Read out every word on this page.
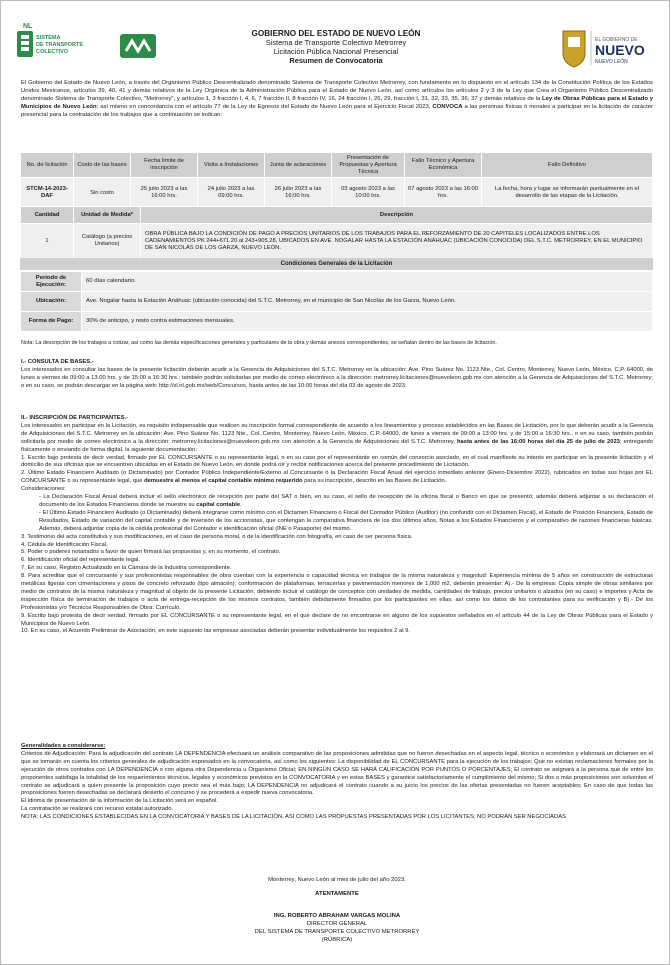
NL
SISTEMA
DE TRANSPORTE
COLECTIVO
GOBIERNO DEL ESTADO DE NUEVO LEÓN
Sistema de Transporte Colectivo Metrorrey
Licitación Pública Nacional Presencial
Resumen de Convocatoria
EL GOBIERNO DE
NUEVO
NUEVO LEÓN
El Gobierno del Estado de Nuevo León, a través del Organismo Público Descentralizado denominado Sistema de Transporte Colectivo Metrorrey, con fundamento en lo dispuesto en el artículo 134 de la Constitución Política de los Estados Unidos Mexicanos, artículos 39, 40, 41 y demás relativos de la Ley Orgánica de la Administración Pública para el Estado de Nuevo León, así como artículos los artículos 2 y 3 de la Ley que Crea el Organismo Público Descentralizado denominado Sistema de Transporte Colectivo, "Metrorrey", y artículos 1, 3 fracción I, 4, 6, 7 fracción II, 8 fracción IV, 16, 24 fracción I, 26, 29, fracción I, 31, 32, 33, 35, 36, 37 y demás relativos de la Ley de Obras Públicas para el Estado y Municipios de Nuevo León; así mismo en concordancia con el artículo 77 de la Ley de Egresos del Estado de Nuevo León para el Ejercicio Fiscal 2023, CONVOCA a las personas físicas ó morales a participar en la licitación de carácter presencial para la contratación de los trabajos que a continuación se indican:
No. de licitación	Costo de las bases	Fecha límite de inscripción	Visita a Instalaciones	Junta de aclaraciones	Presentación de Propuestas y Apertura Técnica	Fallo Técnico y Apertura Económica	Fallo Definitivo
STCM-14-2023-DAF	Sin costo	25 julio 2023 a las 16:00 hrs.	24 julio 2023 a las 09:00 hrs.	26 julio 2023 a las 16:00 hrs.	03 agosto 2023 a las 10:00 hrs.	07 agosto 2023 a las 16:00 hrs.	La fecha, hora y lugar se informarán puntualmente en el desarrollo de las etapas de la Licitación.
Cantidad	Unidad de Medida*	Descripción
1	Catálogo (a precios Unitarios)	OBRA PÚBLICA BAJO LA CONDICIÓN DE PAGO A PRECIOS UNITARIOS DE LOS TRABAJOS PARA EL REFORZAMIENTO DE 20 CAPITELES LOCALIZADOS ENTRE LOS CADENAMIENTOS PK 244+671.20 al 243+905.28, UBICADOS EN AVE. NOGALAR HASTA LA ESTACIÓN ANÁHUAC (UBICACIÓN CONOCIDA) DEL S.T.C. METRORREY, EN EL MUNICIPIO DE SAN NICOLÁS DE LOS GARZA, NUEVO LEÓN.
Condiciones Generales de la Licitación
Período de Ejecución:	60 días calendario.
Ubicación:	Ave. Nogalar hasta la Estación Anáhuac (ubicación conocida) del S.T.C. Metrorrey, en el municipio de San Nicolás de los Garza, Nuevo León.
Forma de Pago:	30% de anticipo, y resto contra estimaciones mensuales.
Nota: La descripción de los trabajos a cotizar, así como las demás especificaciones generales y particulares de la obra y demás anexos correspondientes, se señalan dentro de las bases de licitación.
I.- CONSULTA DE BASES.-
Los interesados en consultar las bases de la presente licitación deberán acudir a la Gerencia de Adquisiciones del S.T.C. Metrorrey en la ubicación: Ave. Pino Suárez No. 1123 Nte., Col. Centro, Monterrey, Nuevo León, México, C.P. 64000, de lunes a viernes de 09:00 a 13.00 hrs. y de 15:00 a 16:30 hrs.; también podrán solicitarlas por medio de correo electrónico a la dirección: metrorrey.licitaciones@nuevoleon.gob.mx con atención a la Gerencia de Adquisiciones del S.T.C. Metrorrey; o en su caso, se podrán descargar en la página web: http://sl.nl.gob.mx/web/Concursos, hasta antes de las 10:00 horas del día 03 de agosto de 2023.
II.- INSCRIPCIÓN DE PARTICIPANTES.-
Los interesados en participar en la Licitación, es requisito indispensable que realicen su inscripción formal correspondiente de acuerdo a los lineamientos y proceso establecidos en las Bases de Licitación, por lo que deberán acudir a la Gerencia de Adquisiciones del S.T.C. Metrorrey en la ubicación: Ave. Pino Suárez No. 1123 Nte., Col. Centro, Monterrey, Nuevo León, México, C.P. 64000, de lunes a viernes de 09:00 a 13:00 hrs. y de 15:00 a 16:30 hrs., o en su caso, también podrán solicitarla por medio de correo electrónico a la dirección: metrorrey.licitaciones@nuevoleon.gob.mx con atención a la Gerencia de Adquisiciones del S.T.C. Metrorrey, hasta antes de las 16:00 horas del día 25 de julio de 2023; entregando físicamente o enviando de forma digital, la siguiente documentación:
1. Escrito bajo protesta de decir verdad, firmado por EL CONCURSANTE o su representante legal, o en su caso por el representante en común del consorcio asociado, en el cual manifieste su interés en participar en la presente licitación y el domicilio de sus oficinas que se encuentren ubicadas en el Estado de Nuevo León, en donde podrá oír y recibir notificaciones acerca del presente procedimiento de Licitación.
2. Último Estado Financiero Auditado (o Dictaminado) por Contador Público Independiente/Externo al Concursante ó la Declaración Fiscal Anual del ejercicio inmediato anterior (Enero-Diciembre 2022), rubricados en todas sus hojas por EL CONCURSANTE o su representante legal, que demuestre al menos el capital contable mínimo requerido para su inscripción, descrito en las Bases de Licitación.
Consideraciones:
- La Declaración Fiscal Anual deberá incluir el sello electrónico de recepción por parte del SAT o bien, en su caso, el sello de recepción de la oficina fiscal o Banco en que se presentó; además deberá adjuntar a su declaración el documento de los Estados Financieros donde se muestre su capital contable.
- El Último Estado Financiero Auditado (o Dictaminado) deberá integrarse como mínimo con el Dictamen Financiero o Fiscal del Contador Público (Auditor) (no confundir con el Dictamen Fiscal), el Estado de Posición Financiera, Estado de Resultados, Estado de variación del capital contable y de inversión de los accionistas, que contengan la comparativa financiera de los dos últimos años, Notas a los Estados Financieros y el comparativo de razones financieras básicas. Además, deberá adjuntar copia de la cédula profesional del Contador e identificación oficial (INE o Pasaporte) del mismo.
3. Testimonio del acta constitutiva y sus modificaciones, en el caso de persona moral, o de la identificación con fotografía, en caso de ser persona física.
4. Cédula de Identificación Fiscal.
5. Poder o poderes notariados a favor de quien firmará las propuestas y, en su momento, el contrato.
6. Identificación oficial del representante legal.
7. En su caso, Registro Actualizado en la Cámara de la Industria correspondiente.
8. Para acreditar que el concursante y sus profesionistas responsables de obra cuentan con la experiencia o capacidad técnica en trabajos de la misma naturaleza y magnitud: Experiencia mínima de 5 años en construcción de estructuras metálicas ligeras con cimentaciones y pisos de concreto reforzado (tipo almacén); conformación de plataformas, terracerías y pavimentación menores de 1,000 m2, deberán presentar: A).- De la empresa: Copia simple de obras similares por medio de contratos de la misma naturaleza y magnitud al objeto de la presente Licitación, debiendo incluir el catálogo de conceptos con unidades de medida, cantidades de trabajo, precios unitarios o alzados (en su caso) e importes y Acta de inspección física de terminación de trabajos o acta de entrega-recepción de los mismos contratos, también debidamente firmados por los participantes en ellas, así como los datos de los contratantes para su verificación y B).- De los Profesionistas y/o Técnicos Responsables de Obra: Currículo.
9. Escrito bajo protesta de decir verdad, firmado por EL CONCURSANTE o su representante legal, en el que declare de no encontrarse en alguno de los supuestos señalados en el artículo 44 de la Ley de Obras Públicas para el Estado y Municipios de Nuevo León.
10. En su caso, el Acuerdo Preliminar de Asociación, en este supuesto las empresas asociadas deberán presentar individualmente los requisitos 2 al 9.
Generalidades a considerarse:
Criterios de Adjudicación: Para la adjudicación del contrato LA DEPENDENCIA efectuará un análisis comparativo de las proposiciones admitidas que no fueron desechadas en el aspecto legal, técnico o económico y elaborará un dictamen en el que se tomarán en cuenta los criterios generales de adjudicación expresados en la convocatoria, así como los siguientes: La disponibilidad de EL CONCURSANTE para la ejecución de los trabajos; Que no existan reclamaciones formales por la ejecución de otros contratos con LA DEPENDENCIA o con alguna otra Dependencia u Organismo Oficial; EN NINGÚN CASO SE HARÁ CALIFICACIÓN POR PUNTOS O PORCENTAJES; El contrato se asignará a la persona que de entre los proponentes satisfaga la totalidad de los requerimientos técnicos, legales y económicos previstos en la CONVOCATORIA y en estas BASES y garantice satisfactoriamente el cumplimiento del mismo; Si dos o más proposiciones son solventes el contrato se adjudicará a quien presente la proposición cuyo precio sea el más bajo; LA DEPENDENCIA no adjudicará el contrato cuando a su juicio los precios de las ofertas presentadas no fueren aceptables; En caso de que todas las proposiciones fueren desechadas se declarará desierto el concurso y se procederá a expedir nueva convocatoria.
El idioma de presentación de la información de la Licitación será en español.
La contratación se realizará con recurso estatal autorizado.
NOTA: LAS CONDICIONES ESTABLECIDAS EN LA CONVOCATORIA Y BASES DE LA LICITACIÓN, ASÍ COMO LAS PROPUESTAS PRESENTADAS POR LOS LICITANTES; NO PODRÁN SER NEGOCIADAS.
Monterrey, Nuevo León al mes de julio del año 2023.
ATENTAMENTE
ING. ROBERTO ABRAHAM VARGAS MOLINA
DIRECTOR GENERAL
DEL SISTEMA DE TRANSPORTE COLECTIVO METRORREY
(RÚBRICA)
